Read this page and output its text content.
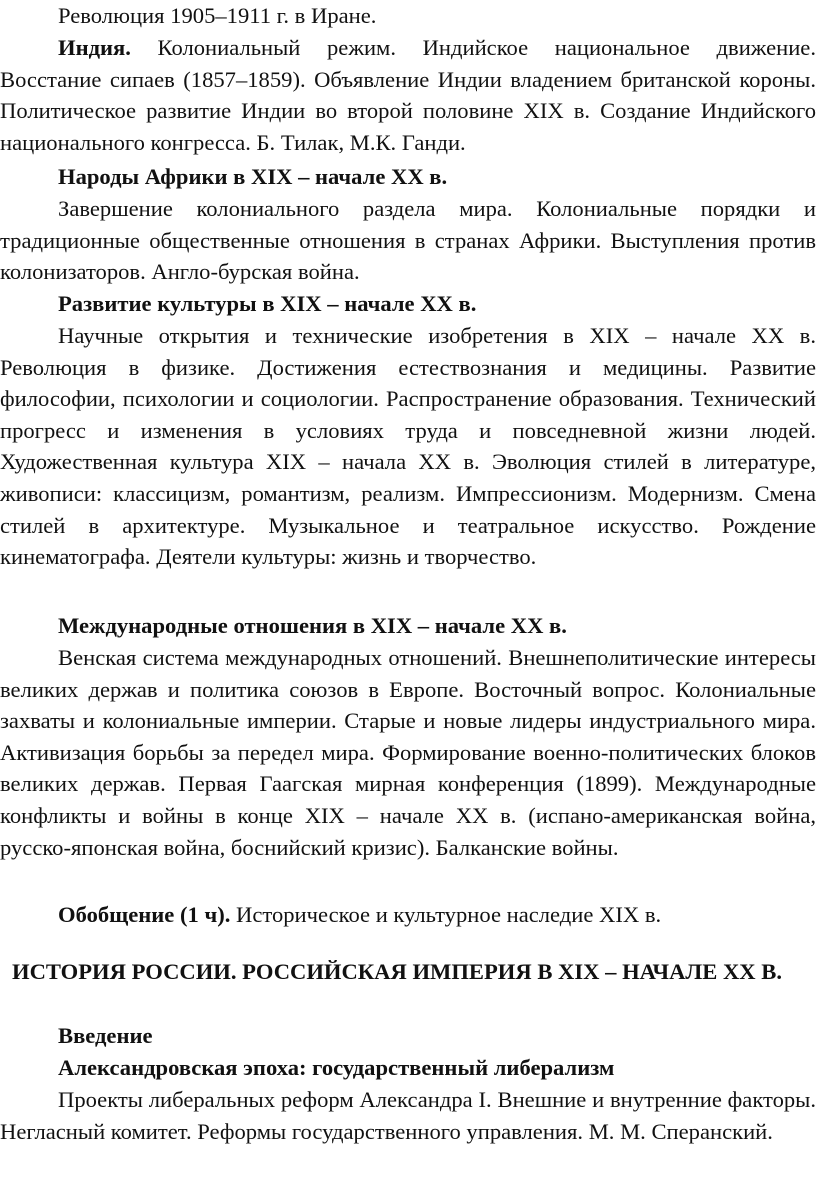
Революция 1905–1911 г. в Иране.

Индия. Колониальный режим. Индийское национальное движение. Восстание сипаев (1857–1859). Объявление Индии владением британской короны. Политическое развитие Индии во второй половине XIX в. Создание Индийского национального конгресса. Б. Тилак, М.К. Ганди.

Народы Африки в XIX – начале XX в.

Завершение колониального раздела мира. Колониальные порядки и традиционные общественные отношения в странах Африки. Выступления против колонизаторов. Англо-бурская война.

Развитие культуры в XIX – начале XX в.

Научные открытия и технические изобретения в XIX – начале XX в. Революция в физике. Достижения естествознания и медицины. Развитие философии, психологии и социологии. Распространение образования. Технический прогресс и изменения в условиях труда и повседневной жизни людей. Художественная культура XIX – начала XX в. Эволюция стилей в литературе, живописи: классицизм, романтизм, реализм. Импрессионизм. Модернизм. Смена стилей в архитектуре. Музыкальное и театральное искусство. Рождение кинематографа. Деятели культуры: жизнь и творчество.

Международные отношения в XIX – начале XX в.

Венская система международных отношений. Внешнеполитические интересы великих держав и политика союзов в Европе. Восточный вопрос. Колониальные захваты и колониальные империи. Старые и новые лидеры индустриального мира. Активизация борьбы за передел мира. Формирование военно-политических блоков великих держав. Первая Гаагская мирная конференция (1899). Международные конфликты и войны в конце XIX – начале XX в. (испано-американская война, русско-японская война, боснийский кризис). Балканские войны.

Обобщение (1 ч). Историческое и культурное наследие XIX в.

ИСТОРИЯ РОССИИ. РОССИЙСКАЯ ИМПЕРИЯ В XIX – НАЧАЛЕ XX В.

Введение

Александровская эпоха: государственный либерализм

Проекты либеральных реформ Александра I. Внешние и внутренние факторы. Негласный комитет. Реформы государственного управления. М. М. Сперанский.
